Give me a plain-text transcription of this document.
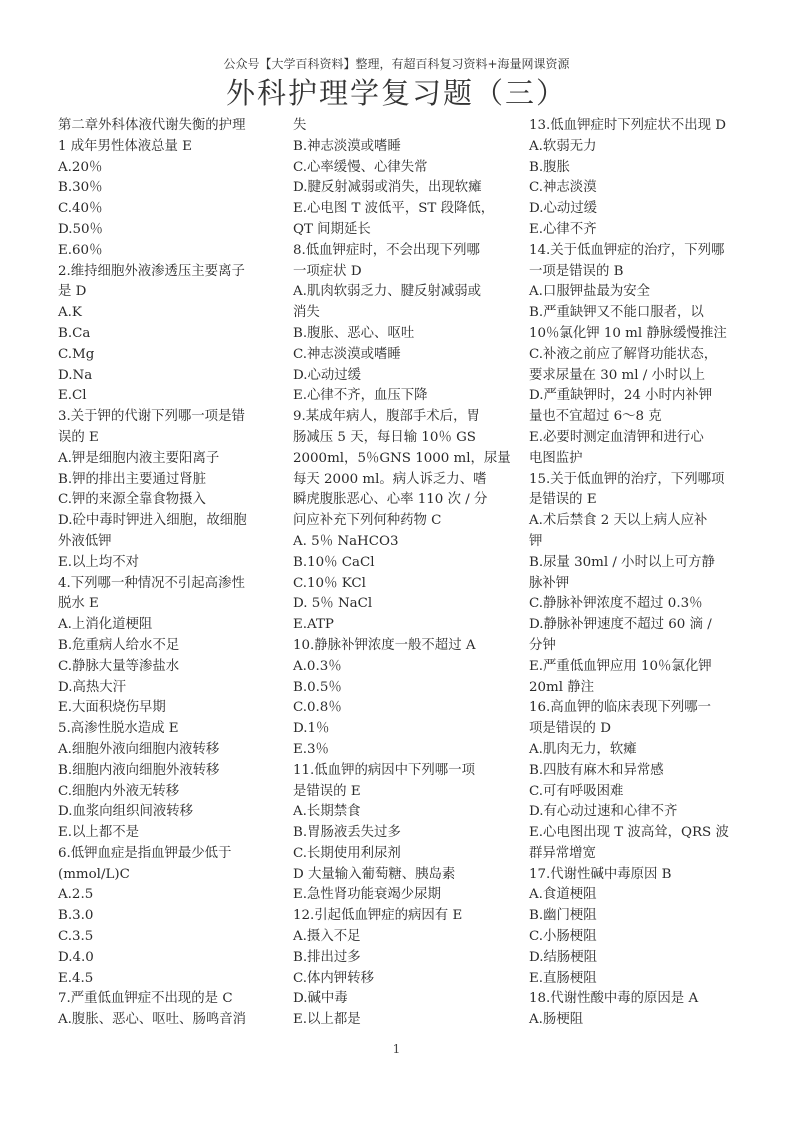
公众号【大学百科资料】整理，有超百科复习资料+海量网课资源
外科护理学复习题（三）
第二章外科体液代谢失衡的护理
1 成年男性体液总量 E
A.20％
B.30％
C.40％
D.50％
E.60％
2.维持细胞外液渗透压主要离子
是 D
A.K
B.Ca
C.Mg
D.Na
E.Cl
3.关于钾的代谢下列哪一项是错
误的 E
A.钾是细胞内液主要阳离子
B.钾的排出主要通过肾脏
C.钾的来源全靠食物摄入
D.砼中毒时钾进入细胞，故细胞
外液低钾
E.以上均不对
4.下列哪一种情况不引起高渗性
脱水 E
A.上消化道梗阻
B.危重病人给水不足
C.静脉大量等渗盐水
D.高热大汗
E.大面积烧伤早期
5.高渗性脱水造成 E
A.细胞外液向细胞内液转移
B.细胞内液向细胞外液转移
C.细胞内外液无转移
D.血浆向组织间液转移
E.以上都不是
6.低钾血症是指血钾最少低于
(mmol/L)C
A.2.5
B.3.0
C.3.5
D.4.0
E.4.5
7.严重低血钾症不出现的是 C
A.腹胀、恶心、呕吐、肠鸣音消
失
B.神志淡漠或嗜睡
C.心率缓慢、心律失常
D.腱反射减弱或消失，出现软瘫
E.心电图 T 波低平，ST 段降低，
QT 间期延长
8.低血钾症时，不会出现下列哪
一项症状 D
A.肌肉软弱乏力、腱反射减弱或
消失
B.腹胀、恶心、呕吐
C.神志淡漠或嗜睡
D.心动过缓
E.心律不齐，血压下降
9.某成年病人，腹部手术后，胃
肠减压 5 天，每日输 10％ GS
2000ml，5％GNS 1000 ml，尿量
每天 2000 ml。病人诉乏力、嗜
瞬虎腹胀恶心、心率 110 次 / 分
问应补充下列何种药物 C
A. 5％ NaHCO3
B.10％ CaCl
C.10％ KCl
D. 5％ NaCl
E.ATP
10.静脉补钾浓度一般不超过 A
A.0.3％
B.0.5％
C.0.8％
D.1％
E.3％
11.低血钾的病因中下列哪一项
是错误的 E
A.长期禁食
B.胃肠液丢失过多
C.长期使用利尿剂
D 大量输入葡萄糖、胰岛素
E.急性肾功能衰竭少尿期
12.引起低血钾症的病因有 E
A.摄入不足
B.排出过多
C.体内钾转移
D.碱中毒
E.以上都是
13.低血钾症时下列症状不出现 D
A.软弱无力
B.腹胀
C.神志淡漠
D.心动过缓
E.心律不齐
14.关于低血钾症的治疗，下列哪
一项是错误的 B
A.口服钾盐最为安全
B.严重缺钾又不能口服者，以
10％氯化钾 10 ml 静脉缓慢推注
C.补液之前应了解肾功能状态，
要求尿量在 30 ml / 小时以上
D.严重缺钾时，24 小时内补钾
量也不宜超过 6～8 克
E.必要时测定血清钾和进行心
电图监护
15.关于低血钾的治疗，下列哪项
是错误的 E
A.术后禁食 2 天以上病人应补
钾
B.尿量 30ml / 小时以上可方静
脉补钾
C.静脉补钾浓度不超过 0.3％
D.静脉补钾速度不超过 60 滴 /
分钟
E.严重低血钾应用 10％氯化钾
20ml 静注
16.高血钾的临床表现下列哪一
项是错误的 D
A.肌肉无力，软瘫
B.四肢有麻木和异常感
C.可有呼吸困难
D.有心动过速和心律不齐
E.心电图出现 T 波高耸，QRS 波
群异常增宽
17.代谢性碱中毒原因 B
A.食道梗阻
B.幽门梗阻
C.小肠梗阻
D.结肠梗阻
E.直肠梗阻
18.代谢性酸中毒的原因是 A
A.肠梗阻
1
